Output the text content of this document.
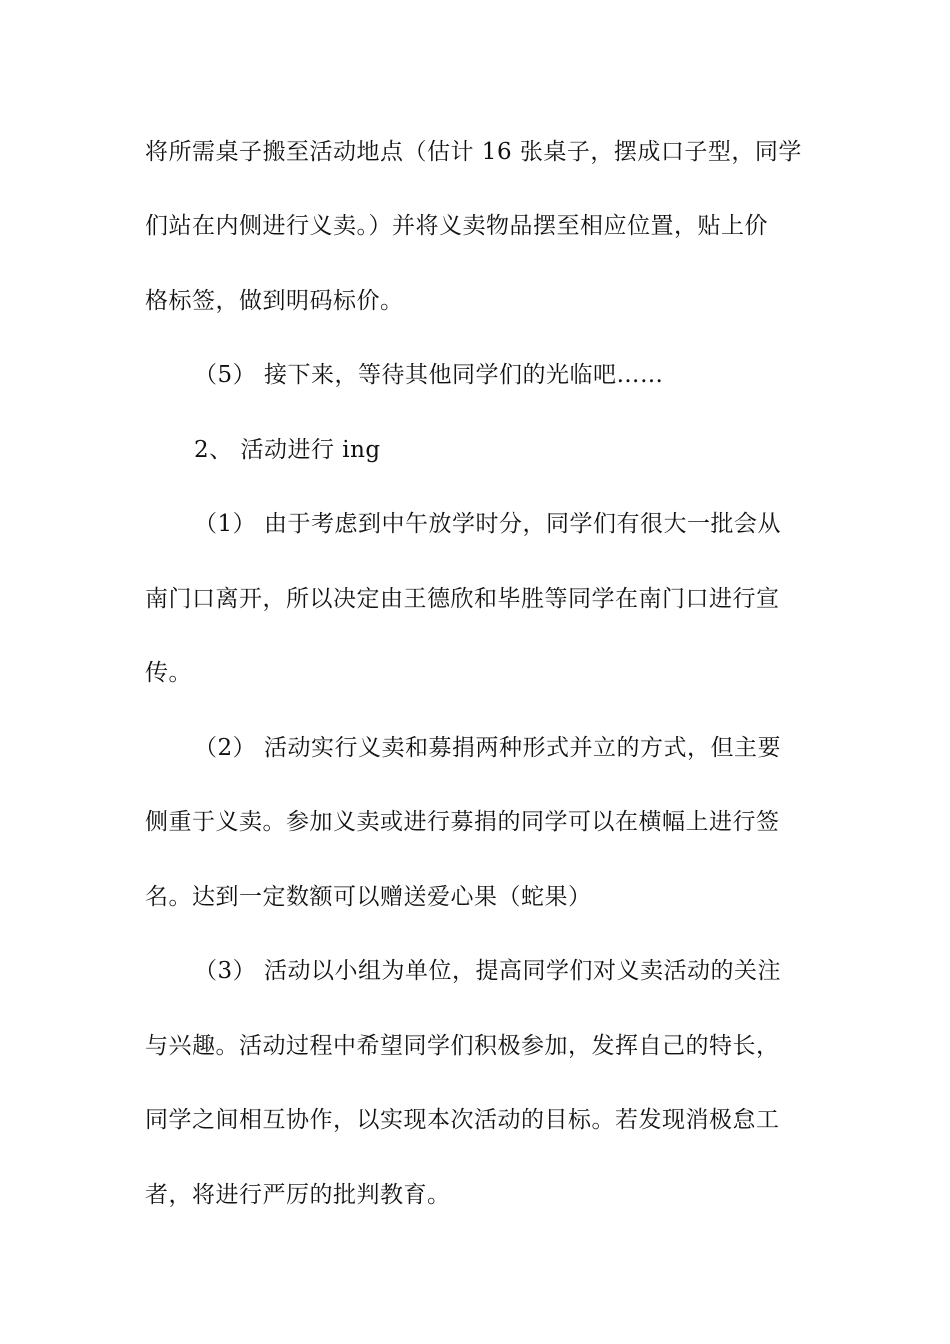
将所需桌子搬至活动地点（估计 16 张桌子，摆成口子型，同学
们站在内侧进行义卖。）并将义卖物品摆至相应位置，贴上价
格标签，做到明码标价。
（5） 接下来，等待其他同学们的光临吧……
2、 活动进行 ing
（1） 由于考虑到中午放学时分，同学们有很大一批会从
南门口离开，所以决定由王德欣和毕胜等同学在南门口进行宣
传。
（2） 活动实行义卖和募捐两种形式并立的方式，但主要
侧重于义卖。参加义卖或进行募捐的同学可以在横幅上进行签
名。达到一定数额可以赠送爱心果（蛇果）
（3） 活动以小组为单位，提高同学们对义卖活动的关注
与兴趣。活动过程中希望同学们积极参加，发挥自己的特长，
同学之间相互协作，以实现本次活动的目标。若发现消极怠工
者，将进行严厉的批判教育。
